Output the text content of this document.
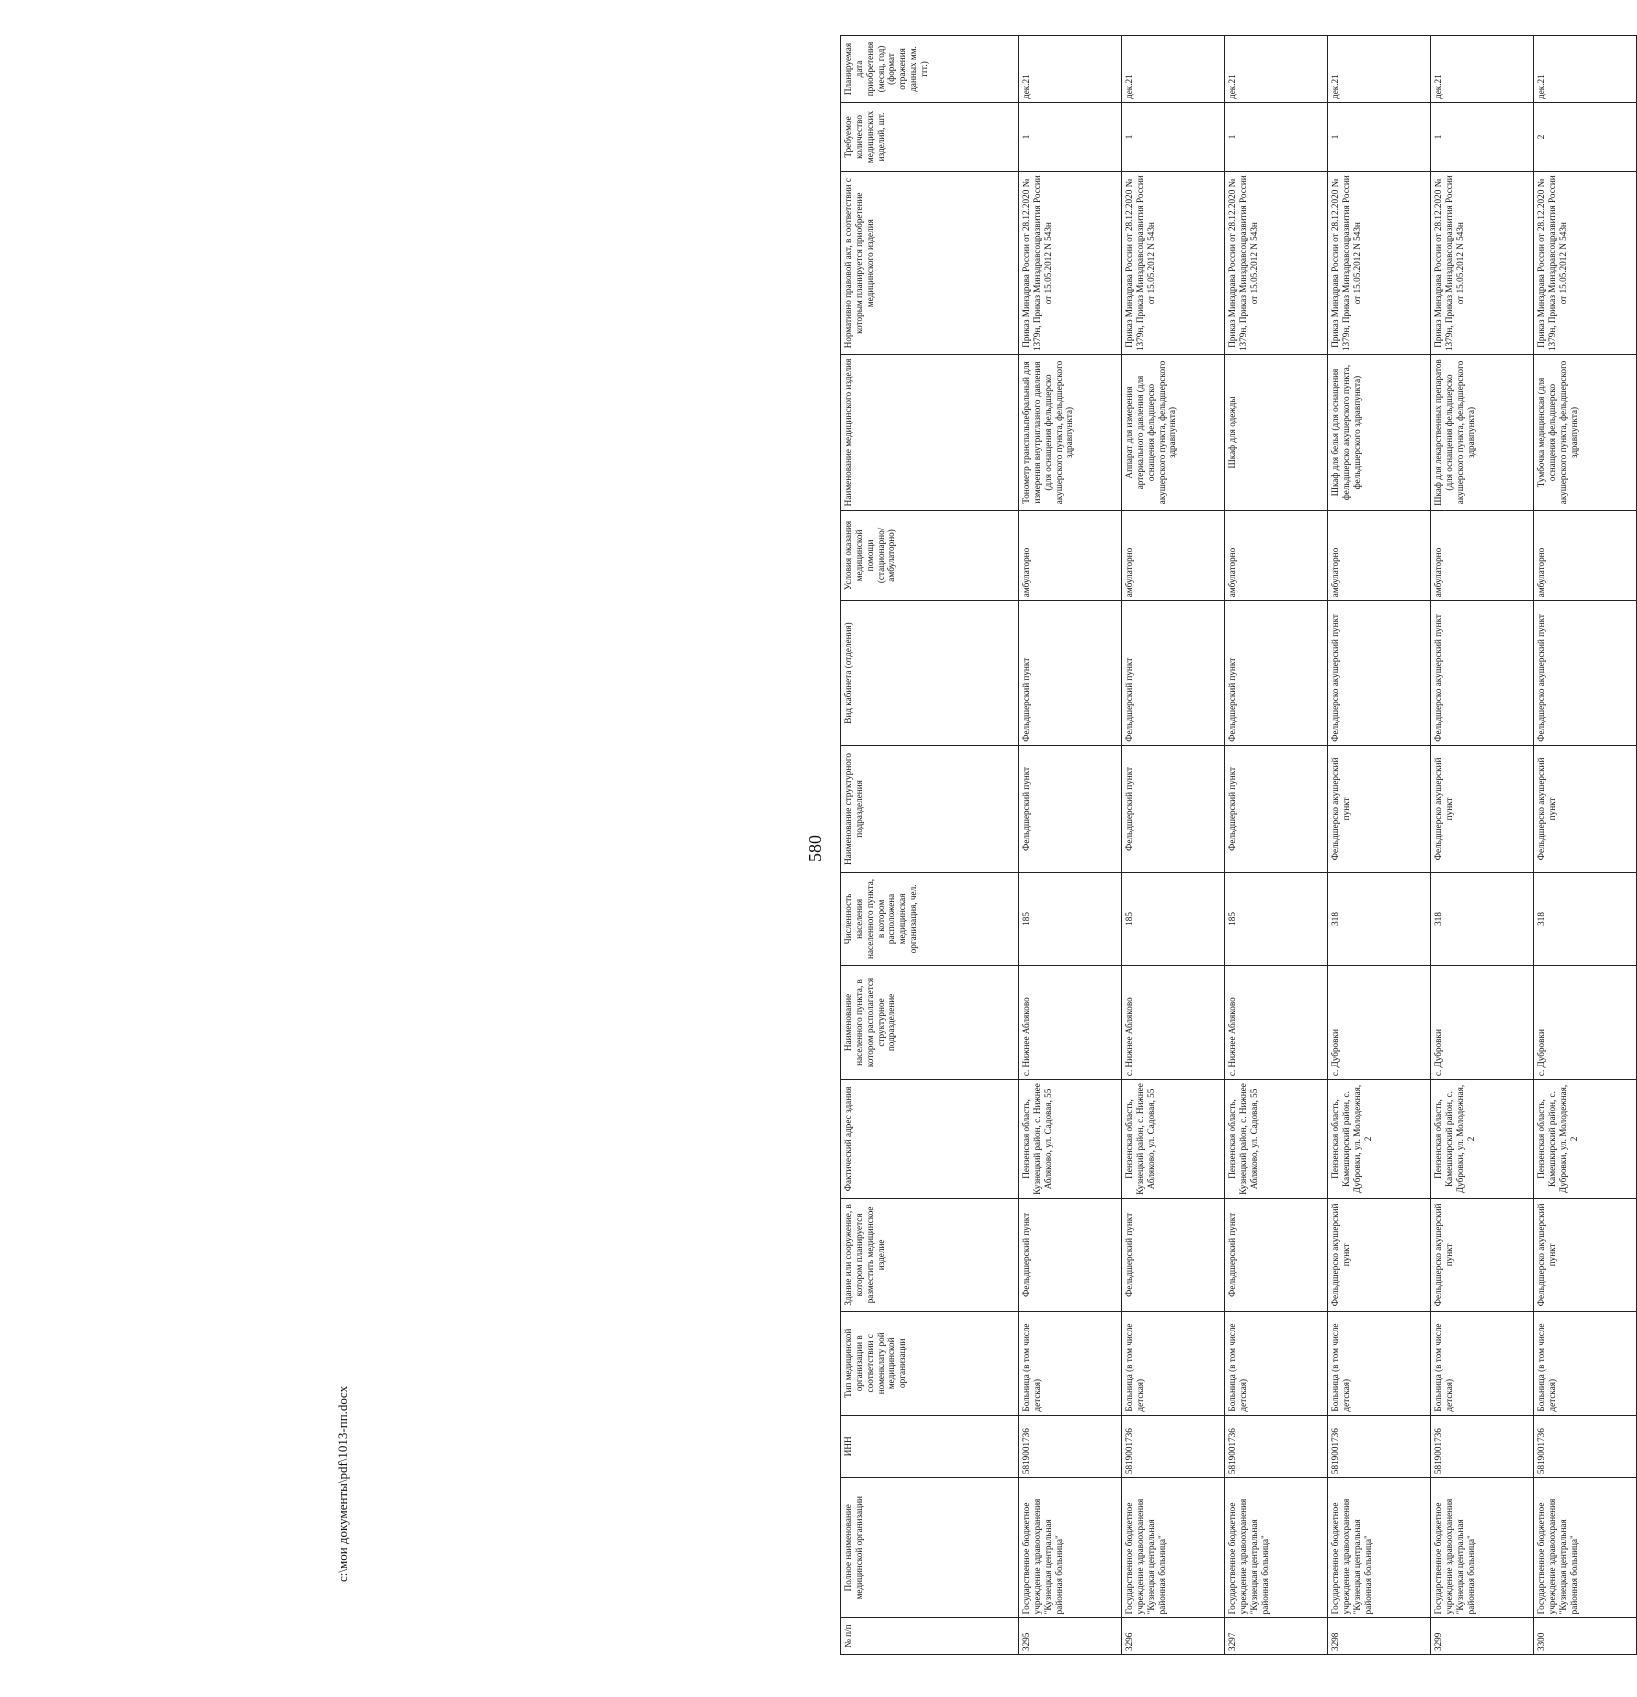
580
c:\мои документы\pdf\1013-пп.docx
№ п/п	Полное наименование медицинской организации	ИНН	Тип медицинской организации в соответствии с номенклату рой медицинской организации	Здание или сооружение, в котором планируется разместить медицинское изделие	Фактический адрес здания	Наименование населенного пункта, в котором располагается структурное подразделение	Численность населения населенного пункта, в котором расположена медицинская организация, чел.	Наименование структурного подразделения	Вид кабинета (отделения)	Условия оказания медицинской помощи (стационарно/ амбулаторно)	Наименование медицинского изделия	Нормативно правовой акт, в соответствии с которым планируется приобретение медицинского изделия	Требуемое количество медицинских изделий, шт.	Планируемая дата приобретения (месяц, год) (формат отражения данных мм. ггг.)
3295	Государственное бюджетное учреждение здравоохранения "Кузнецкая центральная районная больница"	5819001736	Больница (в том числе детская)	Фельдшерский пункт	Пензенская область, Кузнецкий район, с. Нижнее Абляково, ул. Садовая, 55	с. Нижнее Абляково	185	Фельдшерский пункт	Фельдшерский пункт	амбулаторно	Тонометр транспальпебральный для измерения внутриглазного давления (для оснащения фельдшерско акушерского пункта, фельдшерского здравпункта)	Приказ Минздрава России от 28.12.2020 № 1379н, Приказ Минздравсоцразвития России от 15.05.2012 N 543н	1	дек.21
3296	Государственное бюджетное учреждение здравоохранения "Кузнецкая центральная районная больница"	5819001736	Больница (в том числе детская)	Фельдшерский пункт	Пензенская область, Кузнецкий район, с. Нижнее Абляково, ул. Садовая, 55	с. Нижнее Абляково	185	Фельдшерский пункт	Фельдшерский пункт	амбулаторно	Аппарат для измерения артериального давления (для оснащения фельдшерско акушерского пункта, фельдшерского здравпункта)	Приказ Минздрава России от 28.12.2020 № 1379н, Приказ Минздравсоцразвития России от 15.05.2012 N 543н	1	дек.21
3297	Государственное бюджетное учреждение здравоохранения "Кузнецкая центральная районная больница"	5819001736	Больница (в том числе детская)	Фельдшерский пункт	Пензенская область, Кузнецкий район, с. Нижнее Абляково, ул. Садовая, 55	с. Нижнее Абляково	185	Фельдшерский пункт	Фельдшерский пункт	амбулаторно	Шкаф для одежды	Приказ Минздрава России от 28.12.2020 № 1379н, Приказ Минздравсоцразвития России от 15.05.2012 N 543н	1	дек.21
3298	Государственное бюджетное учреждение здравоохранения "Кузнецкая центральная районная больница"	5819001736	Больница (в том числе детская)	Фельдшерско акушерский пункт	Пензенская область, Камешкирский район, с. Дубровки, ул. Молодежная, 2	с. Дубровки	318	Фельдшерско акушерский пункт	Фельдшерско акушерский пункт	амбулаторно	Шкаф для белья (для оснащения фельдшерско акушерского пункта, фельдшерского здравпункта)	Приказ Минздрава России от 28.12.2020 № 1379н, Приказ Минздравсоцразвития России от 15.05.2012 N 543н	1	дек.21
3299	Государственное бюджетное учреждение здравоохранения "Кузнецкая центральная районная больница"	5819001736	Больница (в том числе детская)	Фельдшерско акушерский пункт	Пензенская область, Камешкирский район, с. Дубровки, ул. Молодежная, 2	с. Дубровки	318	Фельдшерско акушерский пункт	Фельдшерско акушерский пункт	амбулаторно	Шкаф для лекарственных препаратов (для оснащения фельдшерско акушерского пункта, фельдшерского здравпункта)	Приказ Минздрава России от 28.12.2020 № 1379н, Приказ Минздравсоцразвития России от 15.05.2012 N 543н	1	дек.21
3300	Государственное бюджетное учреждение здравоохранения "Кузнецкая центральная районная больница"	5819001736	Больница (в том числе детская)	Фельдшерско акушерский пункт	Пензенская область, Камешкирский район, с. Дубровки, ул. Молодежная, 2	с. Дубровки	318	Фельдшерско акушерский пункт	Фельдшерско акушерский пункт	амбулаторно	Тумбочка медицинская (для оснащения фельдшерско акушерского пункта, фельдшерского здравпункта)	Приказ Минздрава России от 28.12.2020 № 1379н, Приказ Минздравсоцразвития России от 15.05.2012 N 543н	2	дек.21
